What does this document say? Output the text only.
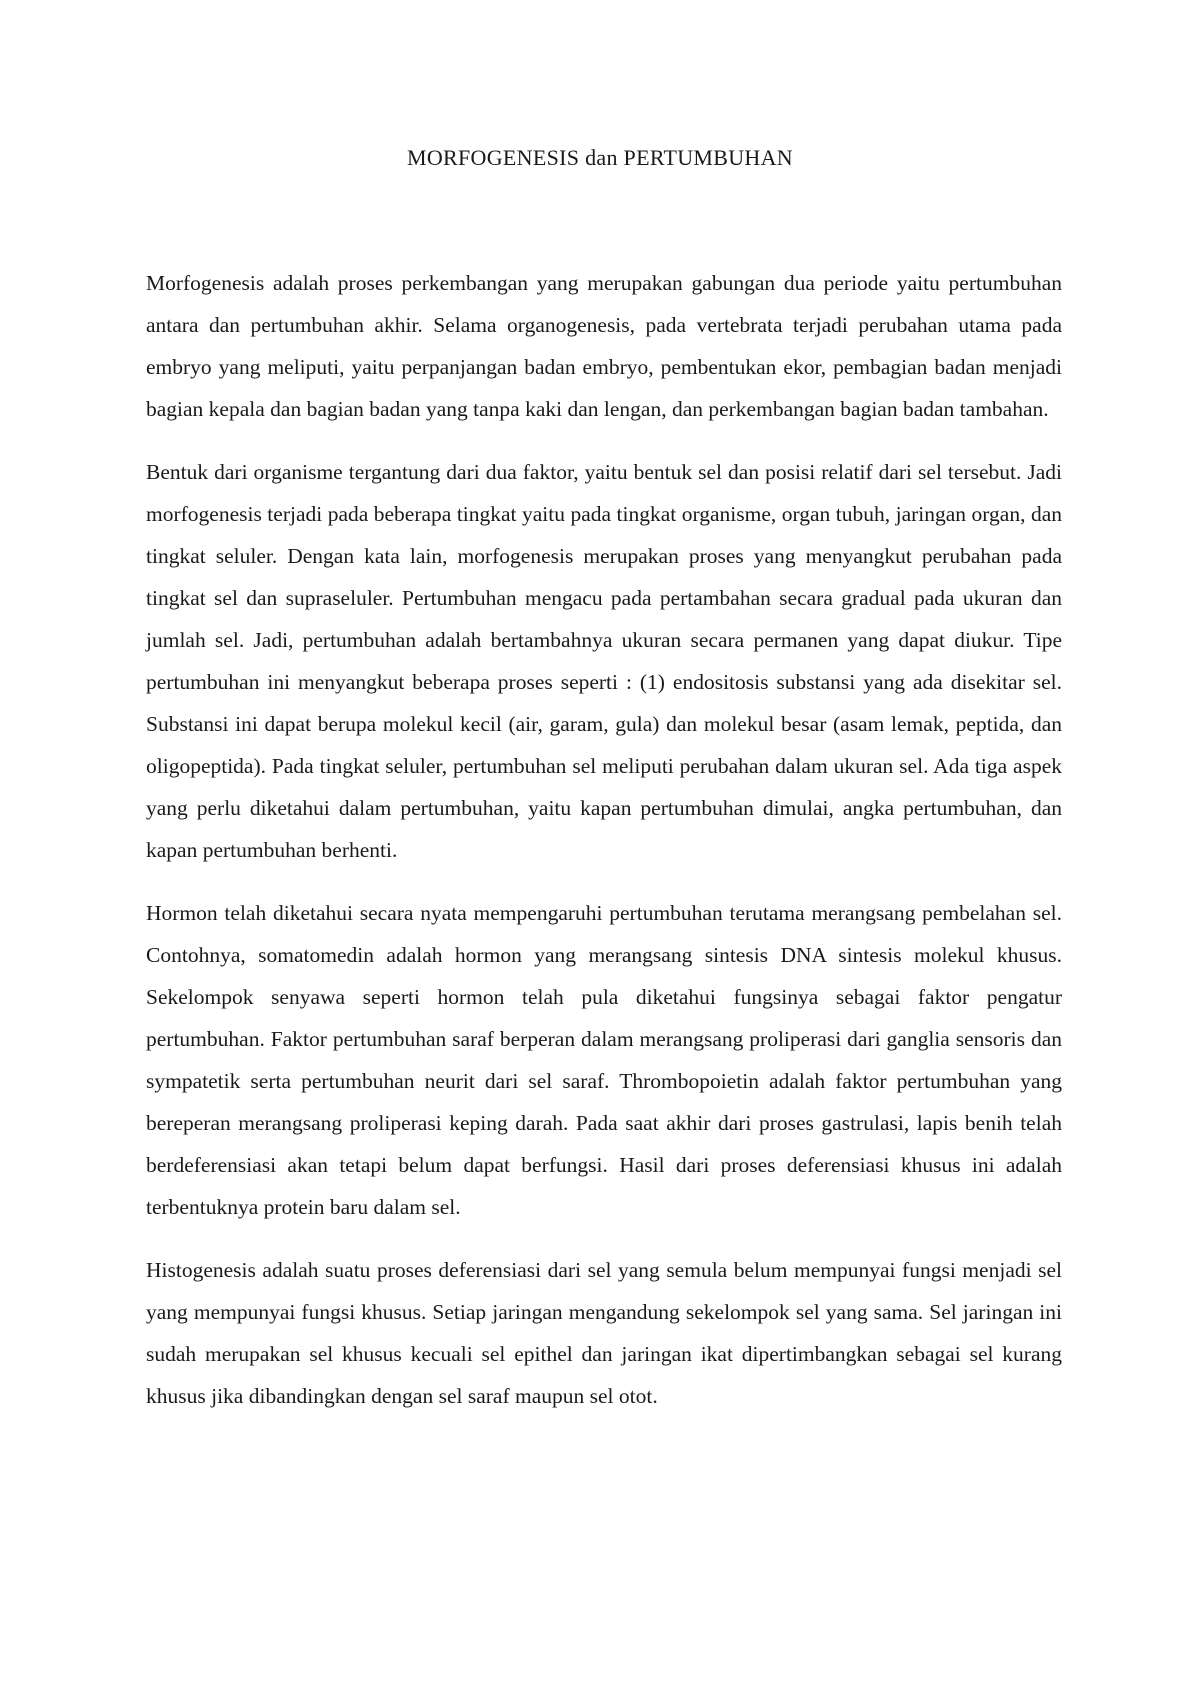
MORFOGENESIS dan PERTUMBUHAN

Morfogenesis adalah proses perkembangan yang merupakan gabungan dua periode yaitu pertumbuhan antara dan pertumbuhan akhir. Selama organogenesis, pada vertebrata terjadi perubahan utama pada embryo yang meliputi, yaitu perpanjangan badan embryo, pembentukan ekor, pembagian badan menjadi bagian kepala dan bagian badan yang tanpa kaki dan lengan, dan perkembangan bagian badan tambahan.

Bentuk dari organisme tergantung dari dua faktor, yaitu bentuk sel dan posisi relatif dari sel tersebut. Jadi morfogenesis terjadi pada beberapa tingkat yaitu pada tingkat organisme, organ tubuh, jaringan organ, dan tingkat seluler. Dengan kata lain, morfogenesis merupakan proses yang menyangkut perubahan pada tingkat sel dan supraseluler. Pertumbuhan mengacu pada pertambahan secara gradual pada ukuran dan jumlah sel. Jadi, pertumbuhan adalah bertambahnya ukuran secara permanen yang dapat diukur. Tipe pertumbuhan ini menyangkut beberapa proses seperti : (1) endositosis substansi yang ada disekitar sel. Substansi ini dapat berupa molekul kecil (air, garam, gula) dan molekul besar (asam lemak, peptida, dan oligopeptida). Pada tingkat seluler, pertumbuhan sel meliputi perubahan dalam ukuran sel. Ada tiga aspek yang perlu diketahui dalam pertumbuhan, yaitu kapan pertumbuhan dimulai, angka pertumbuhan, dan kapan pertumbuhan berhenti.

Hormon telah diketahui secara nyata mempengaruhi pertumbuhan terutama merangsang pembelahan sel. Contohnya, somatomedin adalah hormon yang merangsang sintesis DNA sintesis molekul khusus. Sekelompok senyawa seperti hormon telah pula diketahui fungsinya sebagai faktor pengatur pertumbuhan. Faktor pertumbuhan saraf berperan dalam merangsang proliperasi dari ganglia sensoris dan sympatetik serta pertumbuhan neurit dari sel saraf. Thrombopoietin adalah faktor pertumbuhan yang bereperan merangsang proliperasi keping darah. Pada saat akhir dari proses gastrulasi, lapis benih telah berdeferensiasi akan tetapi belum dapat berfungsi. Hasil dari proses deferensiasi khusus ini adalah terbentuknya protein baru dalam sel.

Histogenesis adalah suatu proses deferensiasi dari sel yang semula belum mempunyai fungsi menjadi sel yang mempunyai fungsi khusus. Setiap jaringan mengandung sekelompok sel yang sama. Sel jaringan ini sudah merupakan sel khusus kecuali sel epithel dan jaringan ikat dipertimbangkan sebagai sel kurang khusus jika dibandingkan dengan sel saraf maupun sel otot.
